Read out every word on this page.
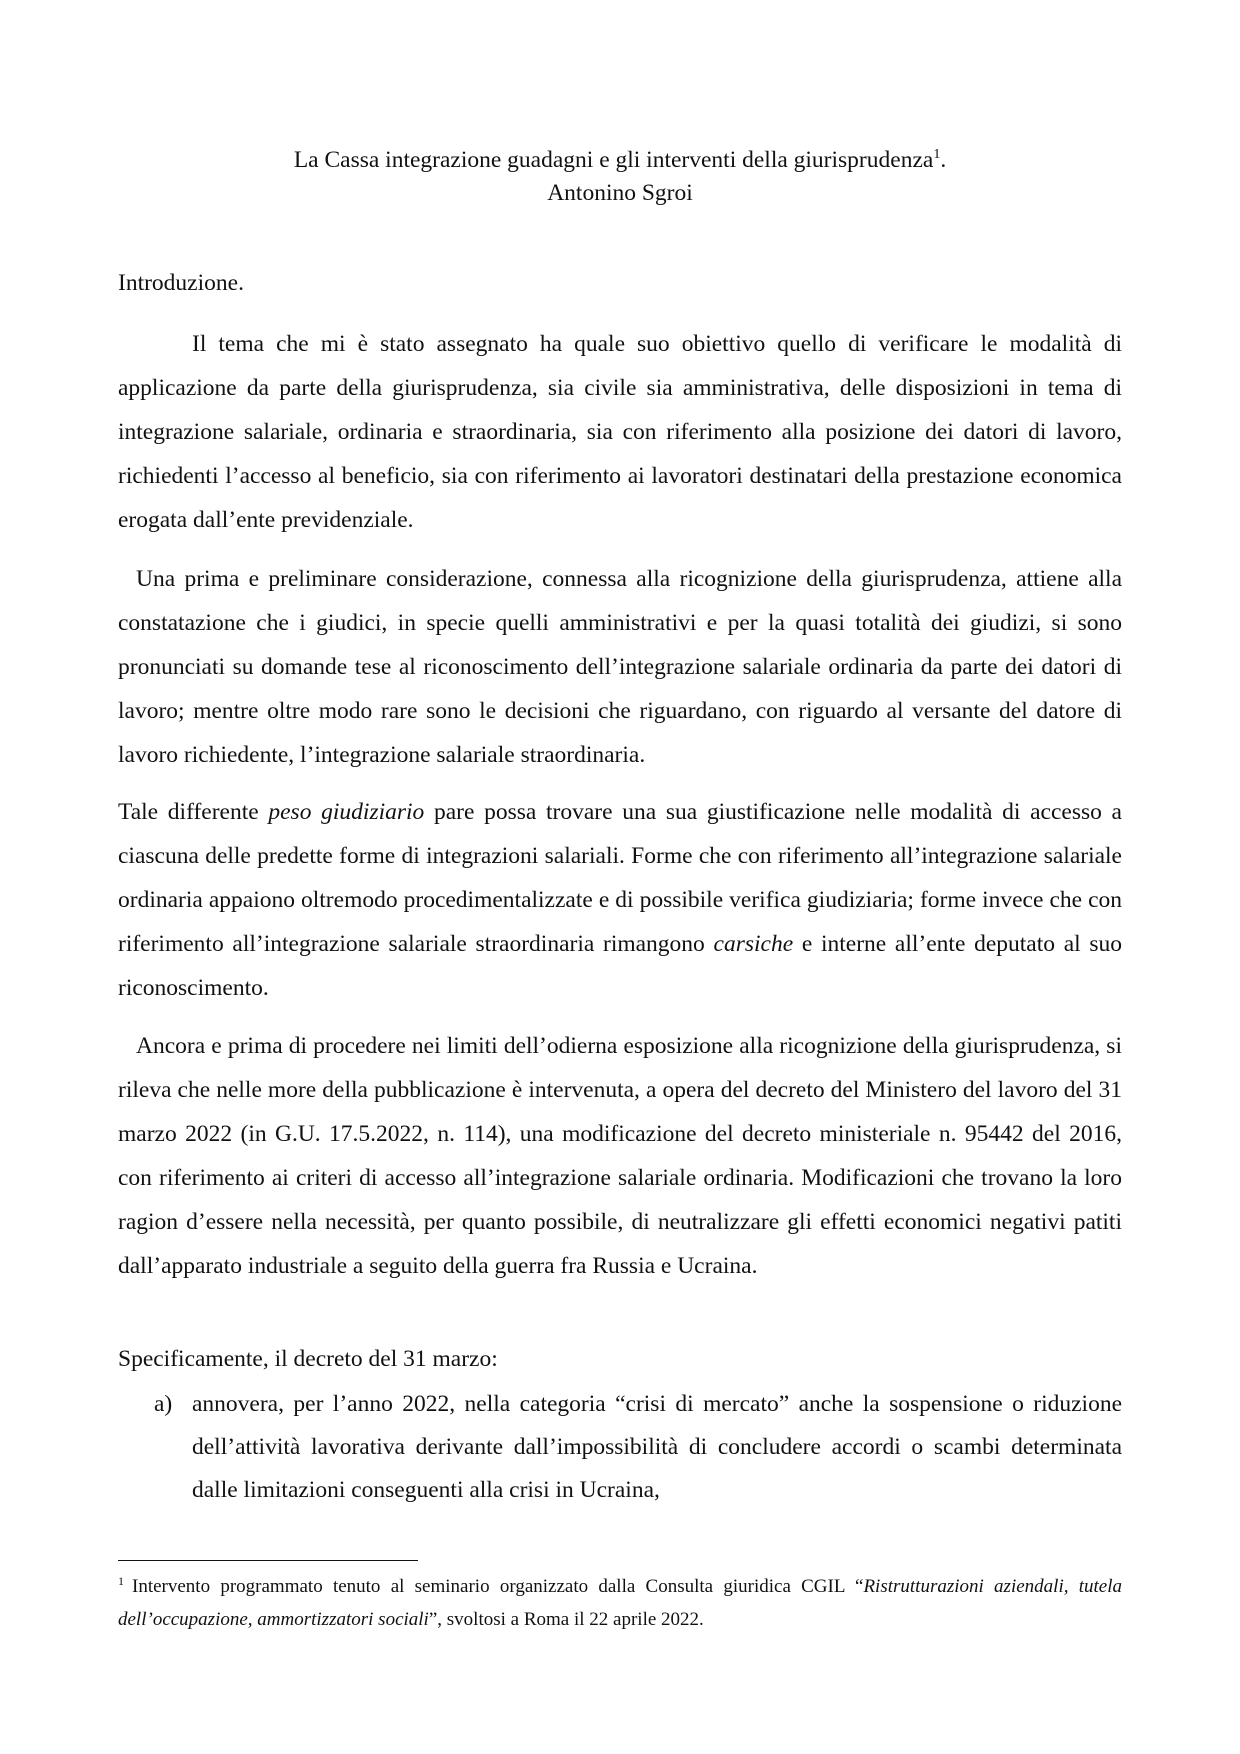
La Cassa integrazione guadagni e gli interventi della giurisprudenza$^1$.
Antonino Sgroi
Introduzione.

Il tema che mi è stato assegnato ha quale suo obiettivo quello di verificare le modalità di applicazione da parte della giurisprudenza, sia civile sia amministrativa, delle disposizioni in tema di integrazione salariale, ordinaria e straordinaria, sia con riferimento alla posizione dei datori di lavoro, richiedenti l’accesso al beneficio, sia con riferimento ai lavoratori destinatari della prestazione economica erogata dall’ente previdenziale.

Una prima e preliminare considerazione, connessa alla ricognizione della giurisprudenza, attiene alla constatazione che i giudici, in specie quelli amministrativi e per la quasi totalità dei giudizi, si sono pronunciati su domande tese al riconoscimento dell’integrazione salariale ordinaria da parte dei datori di lavoro; mentre oltre modo rare sono le decisioni che riguardano, con riguardo al versante del datore di lavoro richiedente, l’integrazione salariale straordinaria.

Tale differente peso giudiziario pare possa trovare una sua giustificazione nelle modalità di accesso a ciascuna delle predette forme di integrazioni salariali. Forme che con riferimento all’integrazione salariale ordinaria appaiono oltremodo procedimentalizzate e di possibile verifica giudiziaria; forme invece che con riferimento all’integrazione salariale straordinaria rimangono carsiche e interne all’ente deputato al suo riconoscimento.

Ancora e prima di procedere nei limiti dell’odierna esposizione alla ricognizione della giurisprudenza, si rileva che nelle more della pubblicazione è intervenuta, a opera del decreto del Ministero del lavoro del 31 marzo 2022 (in G.U. 17.5.2022, n. 114), una modificazione del decreto ministeriale n. 95442 del 2016, con riferimento ai criteri di accesso all’integrazione salariale ordinaria. Modificazioni che trovano la loro ragion d’essere nella necessità, per quanto possibile, di neutralizzare gli effetti economici negativi patiti dall’apparato industriale a seguito della guerra fra Russia e Ucraina.

Specificamente, il decreto del 31 marzo:

a) annovera, per l’anno 2022, nella categoria “crisi di mercato” anche la sospensione o riduzione dell’attività lavorativa derivante dall’impossibilità di concludere accordi o scambi determinata dalle limitazioni conseguenti alla crisi in Ucraina,
$^1$ Intervento programmato tenuto al seminario organizzato dalla Consulta giuridica CGIL “Ristrutturazioni aziendali, tutela dell’occupazione, ammortizzatori sociali”, svoltosi a Roma il 22 aprile 2022.
